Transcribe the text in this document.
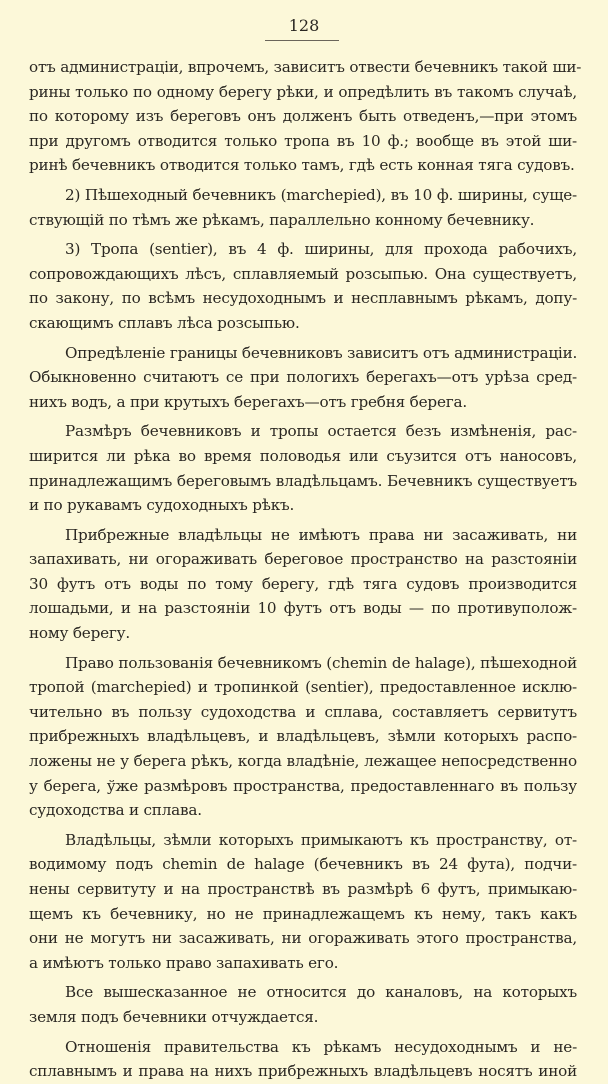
128
отъ администраціи, впрочемъ, зависитъ отвести бечевникъ такой ши-
рины только по одному берегу рѣки, и опредѣлить въ такомъ случаѣ,
по которому изъ береговъ онъ долженъ быть отведенъ,—при этомъ
при другомъ отводится только тропа въ 10 ф.; вообще въ этой ши-
ринѣ бечевникъ отводится только тамъ, гдѣ есть конная тяга судовъ.
2) Пѣшеходный бечевникъ (marchepied), въ 10 ф. ширины, суще-
ствующій по тѣмъ же рѣкамъ, параллельно конному бечевнику.
3) Тропа (sentier), въ 4 ф. ширины, для прохода рабочихъ,
сопровождающихъ лѣсъ, сплавляемый розсыпью. Она существуетъ,
по закону, по всѣмъ несудоходнымъ и несплавнымъ рѣкамъ, допу-
скающимъ сплавъ лѣса розсыпью.
Опредѣленіе границы бечевниковъ зависитъ отъ администраціи.
Обыкновенно считаютъ се при пологихъ берегахъ—отъ урѣза сред-
нихъ водъ, а при крутыхъ берегахъ—отъ гребня берега.
Размѣръ бечевниковъ и тропы остается безъ измѣненія, рас-
ширится ли рѣка во время половодья или съузится отъ наносовъ,
принадлежащимъ береговымъ владѣльцамъ. Бечевникъ существуетъ
и по рукавамъ судоходныхъ рѣкъ.
Прибрежные владѣльцы не имѣютъ права ни засаживать, ни
запахивать, ни огораживать береговое пространство на разстояніи
30 футъ отъ воды по тому берегу, гдѣ тяга судовъ производится
лошадьми, и на разстояніи 10 футъ отъ воды — по противуполож-
ному берегу.
Право пользованія бечевникомъ (chemin de halage), пѣшеходной
тропой (marchepied) и тропинкой (sentier), предоставленное исклю-
чительно въ пользу судоходства и сплава, составляетъ сервитутъ
прибрежныхъ владѣльцевъ, и владѣльцевъ, зѣмли которыхъ распо-
ложены не у берега рѣкъ, когда владѣніе, лежащее непосредственно
у берега, ўже размѣровъ пространства, предоставленнаго въ пользу
судоходства и сплава.
Владѣльцы, зѣмли которыхъ примыкаютъ къ пространству, от-
водимому подъ chemin de halage (бечевникъ въ 24 фута), подчи-
нены сервитуту и на пространствѣ въ размѣрѣ 6 футъ, примыкаю-
щемъ къ бечевнику, но не принадлежащемъ къ нему, такъ какъ
они не могутъ ни засаживать, ни огораживать этого пространства,
а имѣютъ только право запахивать его.
Все вышесказанное не относится до каналовъ, на которыхъ
земля подъ бечевники отчуждается.
Отношенія правительства къ рѣкамъ несудоходнымъ и не-
сплавнымъ и права на нихъ прибрежныхъ владѣльцевъ носятъ иной
